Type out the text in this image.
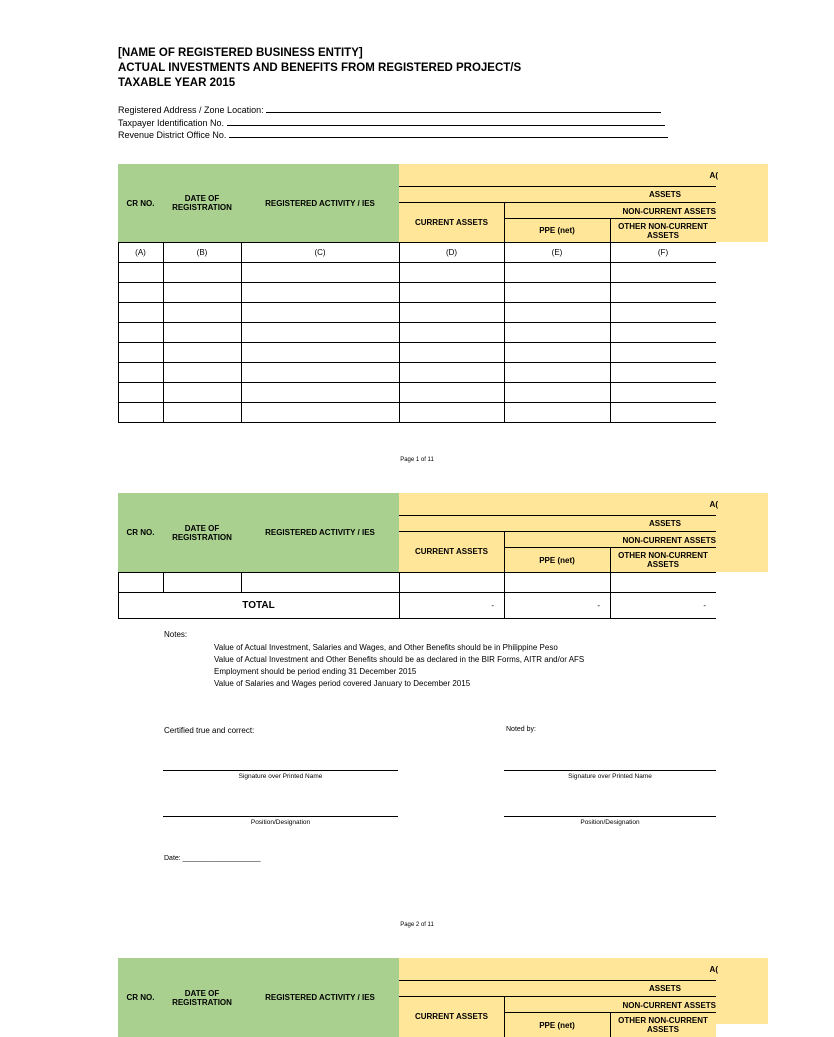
[NAME OF REGISTERED BUSINESS ENTITY]
ACTUAL INVESTMENTS AND BENEFITS FROM REGISTERED PROJECT/S
TAXABLE YEAR 2015
Registered Address / Zone Location:
Taxpayer Identification No.
Revenue District Office No.
CR NO.	DATE OF REGISTRATION	REGISTERED ACTIVITY / IES
A(
ASSETS
CURRENT ASSETS
NON-CURRENT ASSETS
PPE (net)	OTHER NON-CURRENT ASSETS
(A)	(B)	(C)	(D)	(E)	(F)
Page 1 of 11
CR NO.	DATE OF REGISTRATION	REGISTERED ACTIVITY / IES
A(
ASSETS
CURRENT ASSETS
NON-CURRENT ASSETS
PPE (net)	OTHER NON-CURRENT ASSETS
TOTAL	-	-	-
Notes:
Value of Actual Investment, Salaries and Wages, and Other Benefits should be in Philippine Peso
Value of Actual Investment and Other Benefits should be as declared in the BIR Forms, AITR and/or AFS
Employment should be period ending 31 December 2015
Value of Salaries and Wages period covered January to December 2015
Certified true and correct:	Noted by:
Signature over Printed Name	Signature over Printed Name
Position/Designation	Position/Designation
Date: ____________________
Page 2 of 11
CR NO.	DATE OF REGISTRATION	REGISTERED ACTIVITY / IES
A(
ASSETS
CURRENT ASSETS
NON-CURRENT ASSETS
PPE (net)	OTHER NON-CURRENT ASSETS
